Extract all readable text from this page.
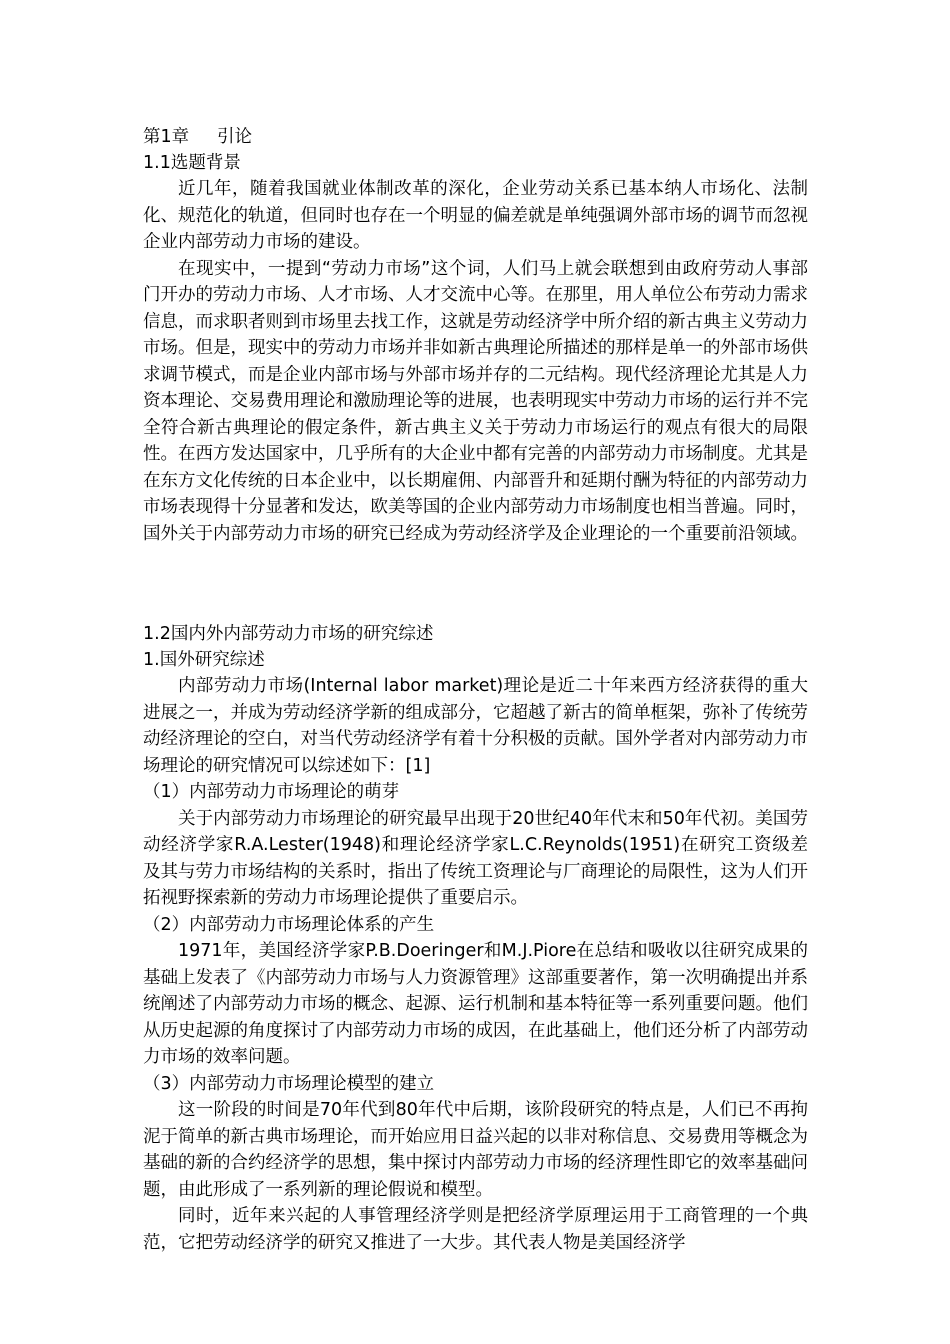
第1章     引论

1.1选题背景

近几年，随着我国就业体制改革的深化，企业劳动关系已基本纳人市场化、法制化、规范化的轨道，但同时也存在一个明显的偏差就是单纯强调外部市场的调节而忽视企业内部劳动力市场的建设。

在现实中，一提到“劳动力市场”这个词，人们马上就会联想到由政府劳动人事部门开办的劳动力市场、人才市场、人才交流中心等。在那里，用人单位公布劳动力需求信息，而求职者则到市场里去找工作，这就是劳动经济学中所介绍的新古典主义劳动力市场。但是，现实中的劳动力市场并非如新古典理论所描述的那样是单一的外部市场供求调节模式，而是企业内部市场与外部市场并存的二元结构。现代经济理论尤其是人力资本理论、交易费用理论和激励理论等的进展，也表明现实中劳动力市场的运行并不完全符合新古典理论的假定条件，新古典主义关于劳动力市场运行的观点有很大的局限性。在西方发达国家中，几乎所有的大企业中都有完善的内部劳动力市场制度。尤其是在东方文化传统的日本企业中，以长期雇佣、内部晋升和延期付酬为特征的内部劳动力市场表现得十分显著和发达，欧美等国的企业内部劳动力市场制度也相当普遍。同时，国外关于内部劳动力市场的研究已经成为劳动经济学及企业理论的一个重要前沿领域。

1.2国内外内部劳动力市场的研究综述

1.国外研究综述

内部劳动力市场(Internal labor market)理论是近二十年来西方经济获得的重大进展之一，并成为劳动经济学新的组成部分，它超越了新古的简单框架，弥补了传统劳动经济理论的空白，对当代劳动经济学有着十分积极的贡献。国外学者对内部劳动力市场理论的研究情况可以综述如下：[1]

（1）内部劳动力市场理论的萌芽

关于内部劳动力市场理论的研究最早出现于20世纪40年代末和50年代初。美国劳动经济学家R.A.Lester(1948)和理论经济学家L.C.Reynolds(1951)在研究工资级差及其与劳力市场结构的关系时，指出了传统工资理论与厂商理论的局限性，这为人们开拓视野探索新的劳动力市场理论提供了重要启示。

（2）内部劳动力市场理论体系的产生

1971年，美国经济学家P.B.Doeringer和M.J.Piore在总结和吸收以往研究成果的基础上发表了《内部劳动力市场与人力资源管理》这部重要著作，第一次明确提出并系统阐述了内部劳动力市场的概念、起源、运行机制和基本特征等一系列重要问题。他们从历史起源的角度探讨了内部劳动力市场的成因，在此基础上，他们还分析了内部劳动力市场的效率问题。

（3）内部劳动力市场理论模型的建立

这一阶段的时间是70年代到80年代中后期，该阶段研究的特点是，人们已不再拘泥于简单的新古典市场理论，而开始应用日益兴起的以非对称信息、交易费用等概念为基础的新的合约经济学的思想，集中探讨内部劳动力市场的经济理性即它的效率基础问题，由此形成了一系列新的理论假说和模型。

同时，近年来兴起的人事管理经济学则是把经济学原理运用于工商管理的一个典范，它把劳动经济学的研究又推进了一大步。其代表人物是美国经济学
